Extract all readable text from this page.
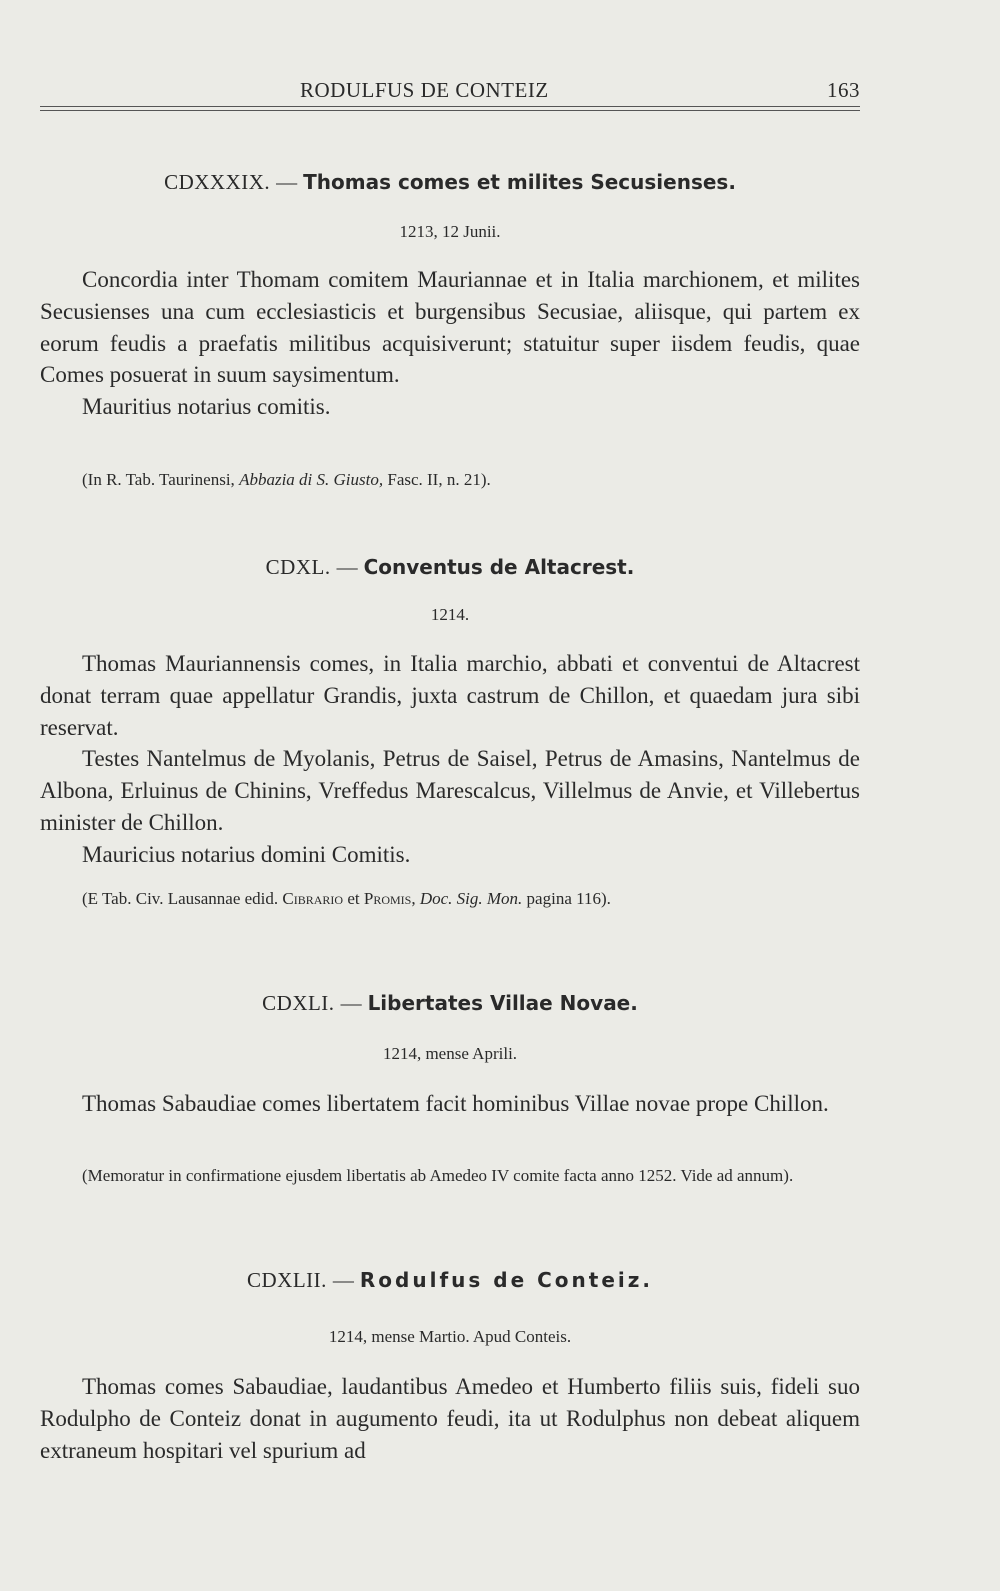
RODULFUS DE CONTEIZ	163
CDXXXIX. — Thomas comes et milites Secusienses.
1213, 12 Junii.

Concordia inter Thomam comitem Mauriannae et in Italia marchionem, et milites Secusienses una cum ecclesiasticis et burgensibus Secusiae, aliisque, qui partem ex eorum feudis a praefatis militibus acquisiverunt; statuitur super iisdem feudis, quae Comes posuerat in suum saysimentum.

Mauritius notarius comitis.

(In R. Tab. Taurinensi, Abbazia di S. Giusto, Fasc. II, n. 21).

CDXL. — Conventus de Altacrest.
1214.

Thomas Mauriannensis comes, in Italia marchio, abbati et conventui de Altacrest donat terram quae appellatur Grandis, juxta castrum de Chillon, et quaedam jura sibi reservat.

Testes Nantelmus de Myolanis, Petrus de Saisel, Petrus de Amasins, Nantelmus de Albona, Erluinus de Chinins, Vreffedus Marescalcus, Villelmus de Anvie, et Villebertus minister de Chillon.

Mauricius notarius domini Comitis.

(E Tab. Civ. Lausannae edid. Cibrario et Promis, Doc. Sig. Mon. pagina 116).

CDXLI. — Libertates Villae Novae.
1214, mense Aprili.

Thomas Sabaudiae comes libertatem facit hominibus Villae novae prope Chillon.

(Memoratur in confirmatione ejusdem libertatis ab Amedeo IV comite facta anno 1252. Vide ad annum).

CDXLII. — Rodulfus de Conteiz.
1214, mense Martio. Apud Conteis.

Thomas comes Sabaudiae, laudantibus Amedeo et Humberto filiis suis, fideli suo Rodulpho de Conteiz donat in augumento feudi, ita ut Rodulphus non debeat aliquem extraneum hospitari vel spurium ad
